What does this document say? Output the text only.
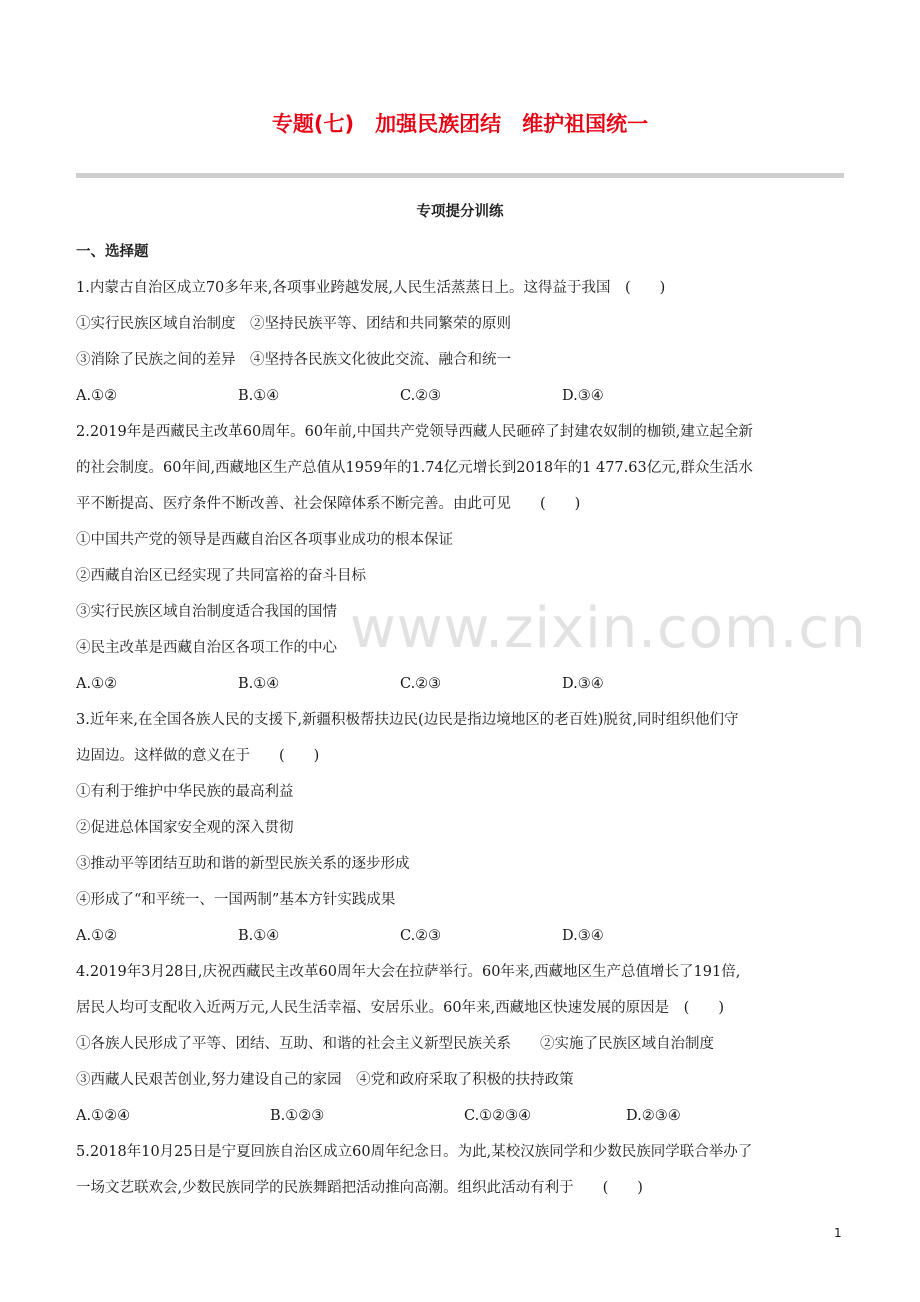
专题(七)　加强民族团结　维护祖国统一
专项提分训练
一、选择题
1.内蒙古自治区成立70多年来,各项事业跨越发展,人民生活蒸蒸日上。这得益于我国　(　　)
①实行民族区域自治制度　②坚持民族平等、团结和共同繁荣的原则
③消除了民族之间的差异　④坚持各民族文化彼此交流、融合和统一
A.①②	B.①④	C.②③	D.③④
2.2019年是西藏民主改革60周年。60年前,中国共产党领导西藏人民砸碎了封建农奴制的枷锁,建立起全新
的社会制度。60年间,西藏地区生产总值从1959年的1.74亿元增长到2018年的1 477.63亿元,群众生活水
平不断提高、医疗条件不断改善、社会保障体系不断完善。由此可见　　(　　)
①中国共产党的领导是西藏自治区各项事业成功的根本保证
②西藏自治区已经实现了共同富裕的奋斗目标
③实行民族区域自治制度适合我国的国情
④民主改革是西藏自治区各项工作的中心
A.①②	B.①④	C.②③	D.③④
3.近年来,在全国各族人民的支援下,新疆积极帮扶边民(边民是指边境地区的老百姓)脱贫,同时组织他们守
边固边。这样做的意义在于　　(　　)
①有利于维护中华民族的最高利益
②促进总体国家安全观的深入贯彻
③推动平等团结互助和谐的新型民族关系的逐步形成
④形成了“和平统一、一国两制”基本方针实践成果
A.①②	B.①④	C.②③	D.③④
4.2019年3月28日,庆祝西藏民主改革60周年大会在拉萨举行。60年来,西藏地区生产总值增长了191倍,
居民人均可支配收入近两万元,人民生活幸福、安居乐业。60年来,西藏地区快速发展的原因是　(　　)
①各族人民形成了平等、团结、互助、和谐的社会主义新型民族关系　　②实施了民族区域自治制度
③西藏人民艰苦创业,努力建设自己的家园　④党和政府采取了积极的扶持政策
A.①②④	B.①②③	C.①②③④	D.②③④
5.2018年10月25日是宁夏回族自治区成立60周年纪念日。为此,某校汉族同学和少数民族同学联合举办了
一场文艺联欢会,少数民族同学的民族舞蹈把活动推向高潮。组织此活动有利于　　(　　)
www.zixin.com.cn
1
